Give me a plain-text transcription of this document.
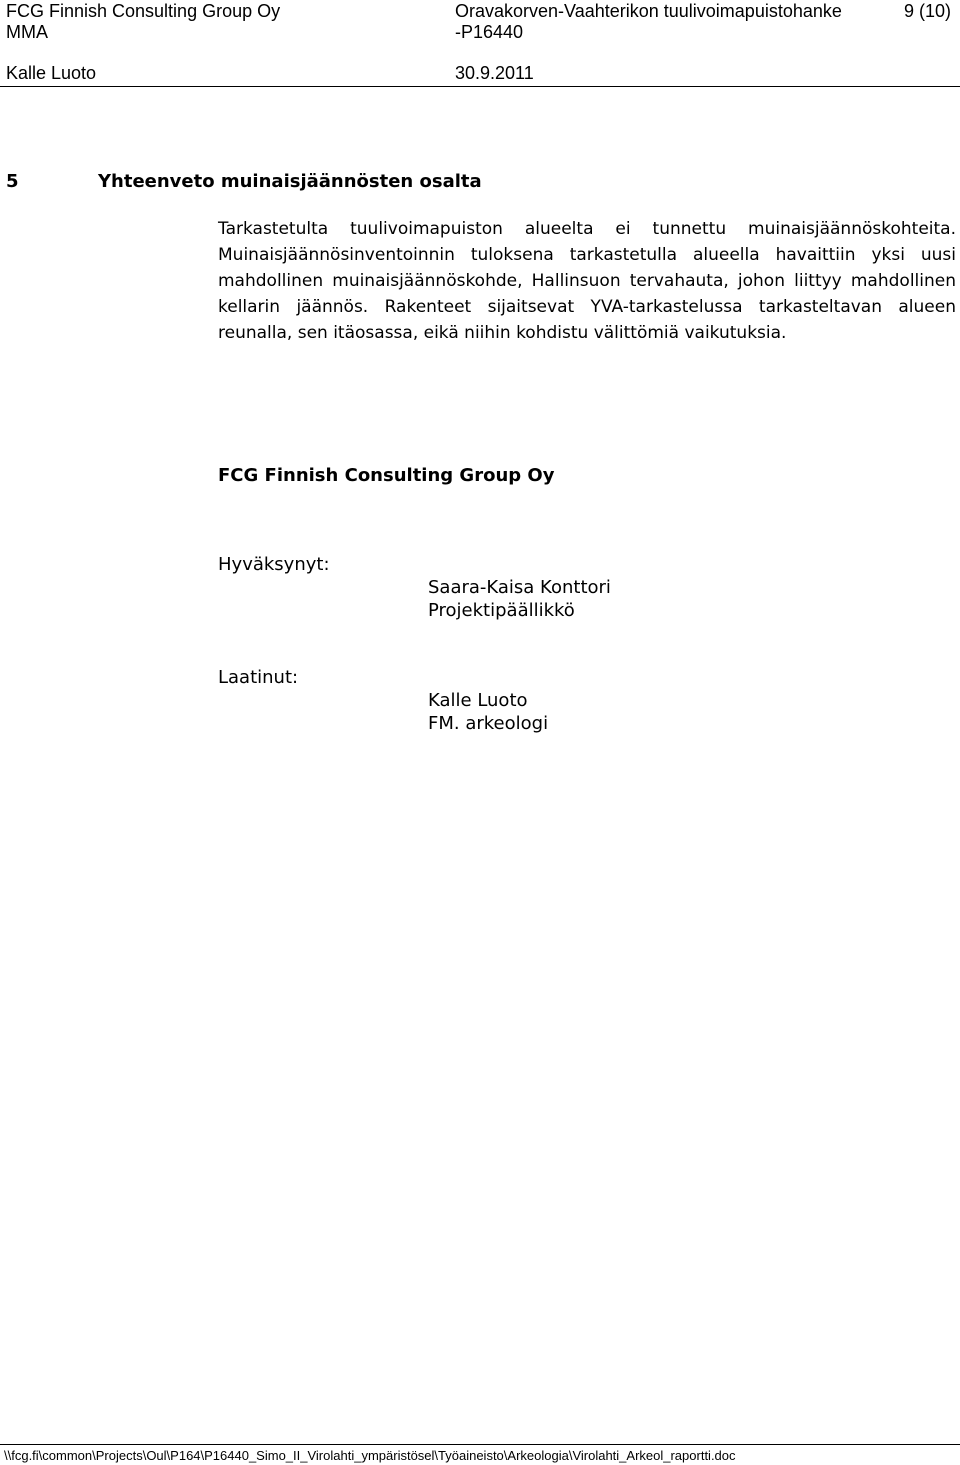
FCG Finnish Consulting Group Oy
MMA
Kalle Luoto
Oravakorven-Vaahterikon tuulivoimapuistohanke
-P16440
30.9.2011
9 (10)
5	Yhteenveto muinaisjäännösten osalta

Tarkastetulta tuulivoimapuiston alueelta ei tunnettu muinaisjäännöskohteita. Muinaisjäännösinventoinnin tuloksena tarkastetulla alueella havaittiin yksi uusi mahdollinen muinaisjäännöskohde, Hallinsuon tervahauta, johon liittyy mahdollinen kellarin jäännös. Rakenteet sijaitsevat YVA-tarkastelussa tarkasteltavan alueen reunalla, sen itäosassa, eikä niihin kohdistu välittömiä vaikutuksia.

FCG Finnish Consulting Group Oy
Hyväksynyt:
Saara-Kaisa Konttori
Projektipäällikkö
Laatinut:
Kalle Luoto
FM. arkeologi
\\fcg.fi\common\Projects\Oul\P164\P16440_Simo_II_Virolahti_ympäristösel\Työaineisto\Arkeologia\Virolahti_Arkeol_raportti.doc
